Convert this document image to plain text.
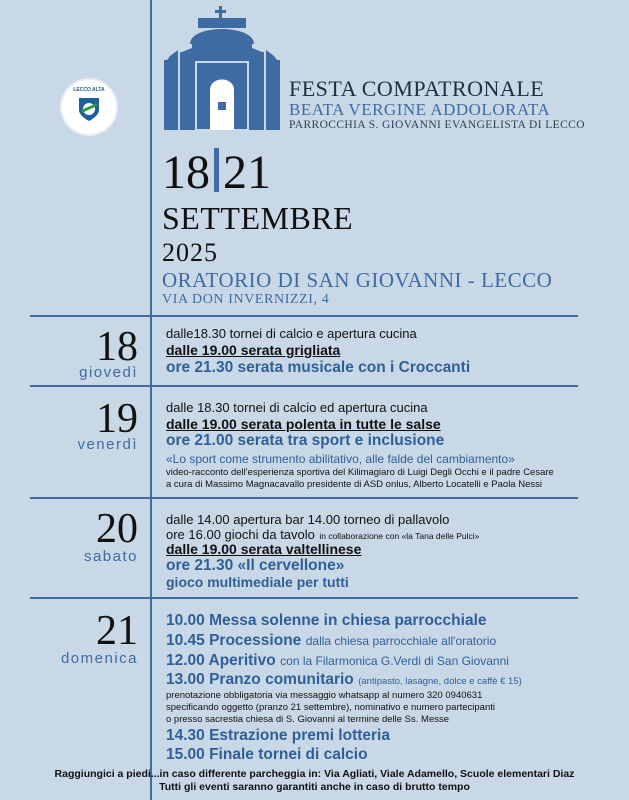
LECCO ALTA	FESTA COMPATRONALE
BEATA VERGINE ADDOLORATA
PARROCCHIA S. GIOVANNI EVANGELISTA DI LECCO
18 21
SETTEMBRE
2025
ORATORIO DI SAN GIOVANNI - LECCO
VIA DON INVERNIZZI, 4
18
giovedì
dalle18.30 tornei di calcio e apertura cucina
dalle 19.00 serata grigliata
ore 21.30 serata musicale con i Croccanti
19
venerdì
dalle 18.30 tornei di calcio ed apertura cucina
dalle 19.00 serata polenta in tutte le salse
ore 21.00 serata tra sport e inclusione
«Lo sport come strumento abilitativo, alle falde del cambiamento»
video-racconto dell'esperienza sportiva del Kilimagiaro di Luigi Degli Occhi e il padre Cesare
a cura di Massimo Magnacavallo presidente di ASD onlus, Alberto Locatelli e Paola Nessi
20
sabato
dalle 14.00 apertura bar 14.00 torneo di pallavolo
ore 16.00 giochi da tavolo in collaborazione con «la Tana delle Pulci»
dalle 19.00 serata valtellinese
ore 21.30 «Il cervellone»
gioco multimediale per tutti
21
domenica
10.00 Messa solenne in chiesa parrocchiale
10.45 Processione dalla chiesa parrocchiale all'oratorio
12.00 Aperitivo con la Filarmonica G.Verdi di San Giovanni
13.00 Pranzo comunitario (antipasto, lasagne, dolce e caffè € 15)
prenotazione obbligatoria via messaggio whatsapp al numero 320 0940631
specificando oggetto (pranzo 21 settembre), nominativo e numero partecipanti
o presso sacrestia chiesa di S. Giovanni al termine delle Ss. Messe
14.30 Estrazione premi lotteria
15.00 Finale tornei di calcio
Raggiungici a piedi...in caso differente parcheggia in: Via Agliati, Viale Adamello, Scuole elementari Diaz
Tutti gli eventi saranno garantiti anche in caso di brutto tempo
